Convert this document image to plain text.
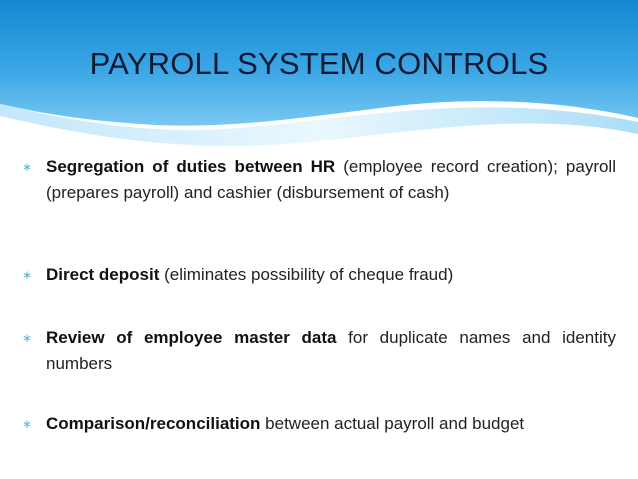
PAYROLL SYSTEM CONTROLS
∗ Segregation of duties between HR (employee record creation); payroll (prepares payroll) and cashier (disbursement of cash)
∗ Direct deposit (eliminates possibility of cheque fraud)
∗ Review of employee master data for duplicate names and identity numbers
∗ Comparison/reconciliation between actual payroll and budget
